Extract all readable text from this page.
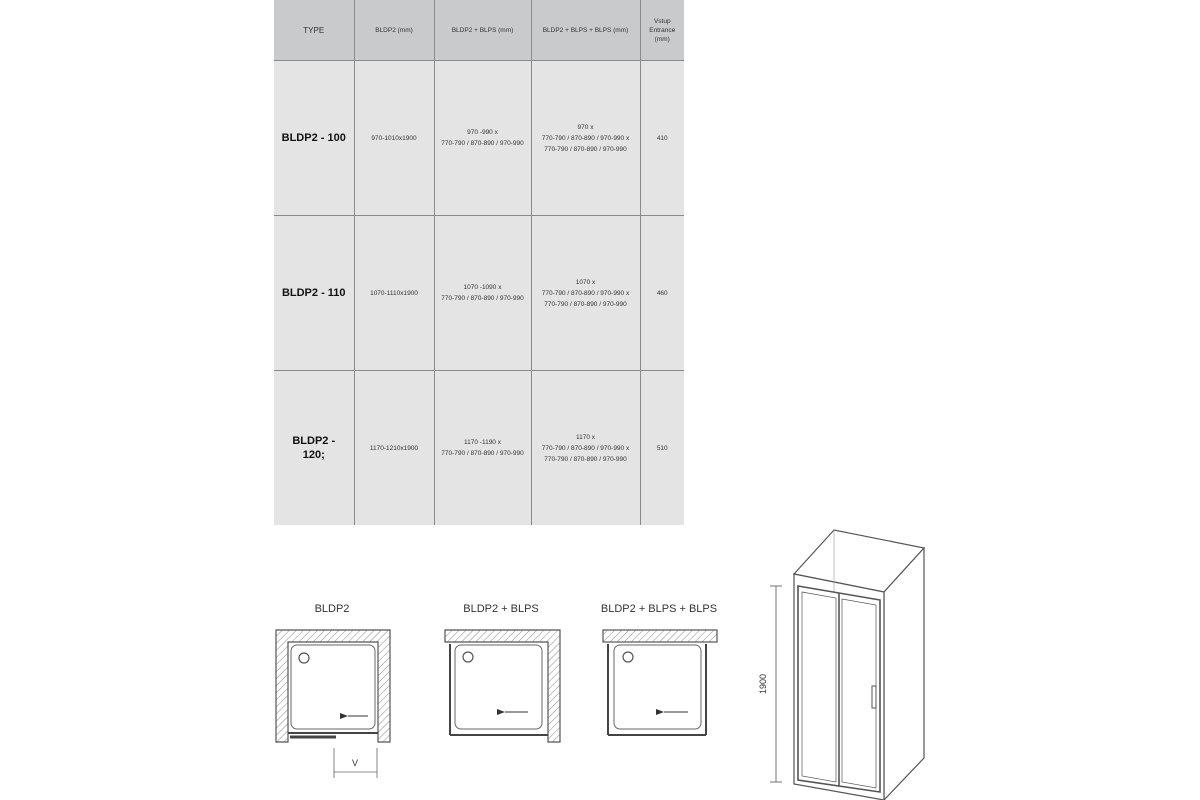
TYPE	BLDP2 (mm)	BLDP2 + BLPS (mm)	BLDP2 + BLPS + BLPS (mm)	Vstup
Entrance
(mm)
BLDP2 - 100	970-1010x1900	970 -990 x
770-790 / 870-890 / 970-990	970 x
770-790 / 870-890 / 970-990 x
770-790 / 870-890 / 970-990	410
BLDP2 - 110	1070-1110x1900	1070 -1090 x
770-790 / 870-890 / 970-990	1070 x
770-790 / 870-890 / 970-990 x
770-790 / 870-890 / 970-990	460
BLDP2 -
120;	1170-1210x1900	1170 -1190 x
770-790 / 870-890 / 970-990	1170 x
770-790 / 870-890 / 970-990 x
770-790 / 870-890 / 970-990	510
BLDP2
V
BLDP2 + BLPS	BLDP2 + BLPS + BLPS
1900
